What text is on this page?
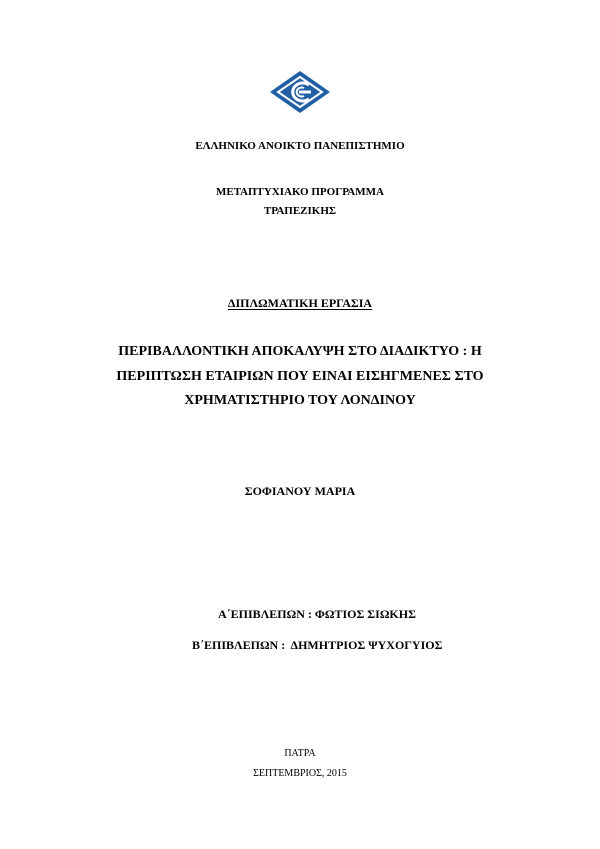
ΕΛΛΗΝΙΚΟ ΑΝΟΙΚΤΟ ΠΑΝΕΠΙΣΤΗΜΙΟ
ΜΕΤΑΠΤΥΧΙΑΚΟ ΠΡΟΓΡΑΜΜΑ
ΤΡΑΠΕΖΙΚΗΣ
ΔΙΠΛΩΜΑΤΙΚΗ ΕΡΓΑΣΙΑ
ΠΕΡΙΒΑΛΛΟΝΤΙΚΗ ΑΠΟΚΑΛΥΨΗ ΣΤΟ ΔΙΑΔΙΚΤΥΟ : Η
ΠΕΡΙΠΤΩΣΗ ΕΤΑΙΡΙΩΝ ΠΟΥ ΕΙΝΑΙ ΕΙΣΗΓΜΕΝΕΣ ΣΤΟ
ΧΡΗΜΑΤΙΣΤΗΡΙΟ ΤΟΥ ΛΟΝΔΙΝΟΥ
ΣΟΦΙΑΝΟΥ ΜΑΡΙΑ
Α΄ΕΠΙΒΛΕΠΩΝ : ΦΩΤΙΟΣ ΣΙΩΚΗΣ
Β΄ΕΠΙΒΛΕΠΩΝ :  ΔΗΜΗΤΡΙΟΣ ΨΥΧΟΓΥΙΟΣ
ΠΑΤΡΑ
ΣΕΠΤΕΜΒΡΙΟΣ, 2015
